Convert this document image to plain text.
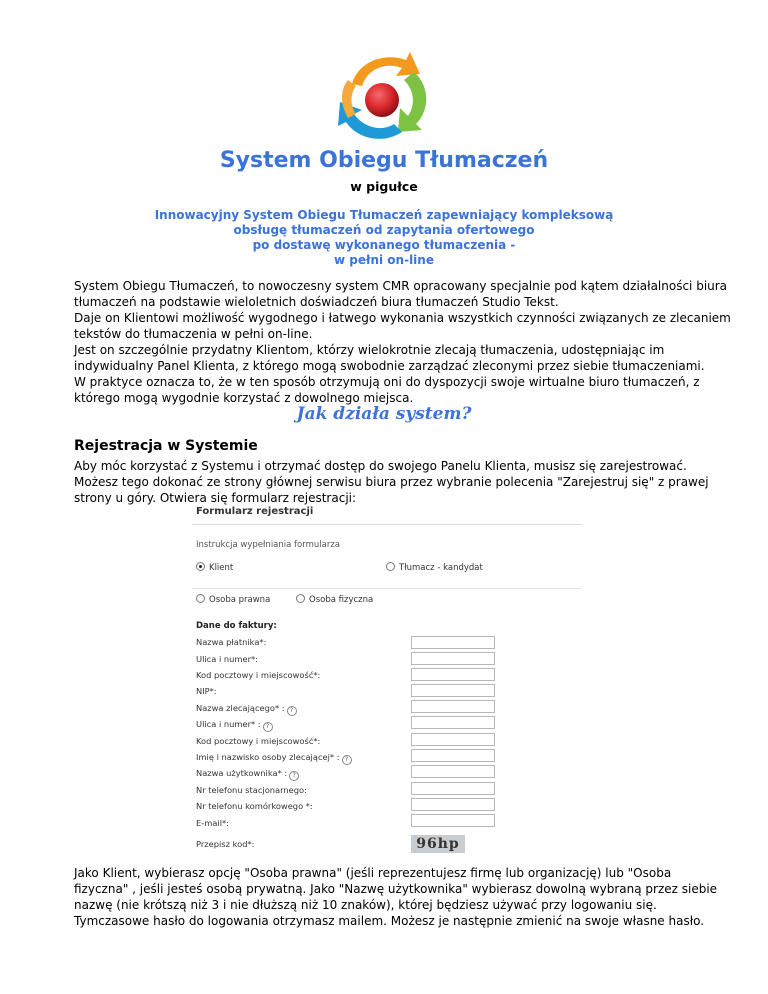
System Obiegu Tłumaczeń
w pigułce
Innowacyjny System Obiegu Tłumaczeń zapewniający kompleksową
obsługę tłumaczeń od zapytania ofertowego
po dostawę wykonanego tłumaczenia -
w pełni on-line
System Obiegu Tłumaczeń, to nowoczesny system CMR opracowany specjalnie pod kątem działalności biura
tłumaczeń na podstawie wieloletnich doświadczeń biura tłumaczeń Studio Tekst.
Daje on Klientowi możliwość wygodnego i łatwego wykonania wszystkich czynności związanych ze zlecaniem
tekstów do tłumaczenia w pełni on-line.
Jest on szczególnie przydatny Klientom, którzy wielokrotnie zlecają tłumaczenia, udostępniając im
indywidualny Panel Klienta, z którego mogą swobodnie zarządzać zleconymi przez siebie tłumaczeniami.
W praktyce oznacza to, że w ten sposób otrzymują oni do dyspozycji swoje wirtualne biuro tłumaczeń, z
którego mogą wygodnie korzystać z dowolnego miejsca.
Jak działa system?
Rejestracja w Systemie
Aby móc korzystać z Systemu i otrzymać dostęp do swojego Panelu Klienta, musisz się zarejestrować.
Możesz tego dokonać ze strony głównej serwisu biura przez wybranie polecenia "Zarejestruj się" z prawej
strony u góry. Otwiera się formularz rejestracji:
Formularz rejestracji
Instrukcja wypełniania formularza
Klient	Tłumacz - kandydat
Osoba prawna	Osoba fizyczna
Dane do faktury:
Nazwa płatnika*:
Ulica i numer*:
Kod pocztowy i miejscowość*:
NIP*:
Nazwa zlecającego* : ?
Ulica i numer* : ?
Kod pocztowy i miejscowość*:
Imię i nazwisko osoby zlecającej* : ?
Nazwa użytkownika* : ?
Nr telefonu stacjonarnego:
Nr telefonu komórkowego *:
E-mail*:
Przepisz kod*:	96hp
Jako Klient, wybierasz opcję "Osoba prawna" (jeśli reprezentujesz firmę lub organizację) lub "Osoba
fizyczna" , jeśli jesteś osobą prywatną. Jako "Nazwę użytkownika" wybierasz dowolną wybraną przez siebie
nazwę (nie krótszą niż 3 i nie dłuższą niż 10 znaków), której będziesz używać przy logowaniu się.
Tymczasowe hasło do logowania otrzymasz mailem. Możesz je następnie zmienić na swoje własne hasło.
